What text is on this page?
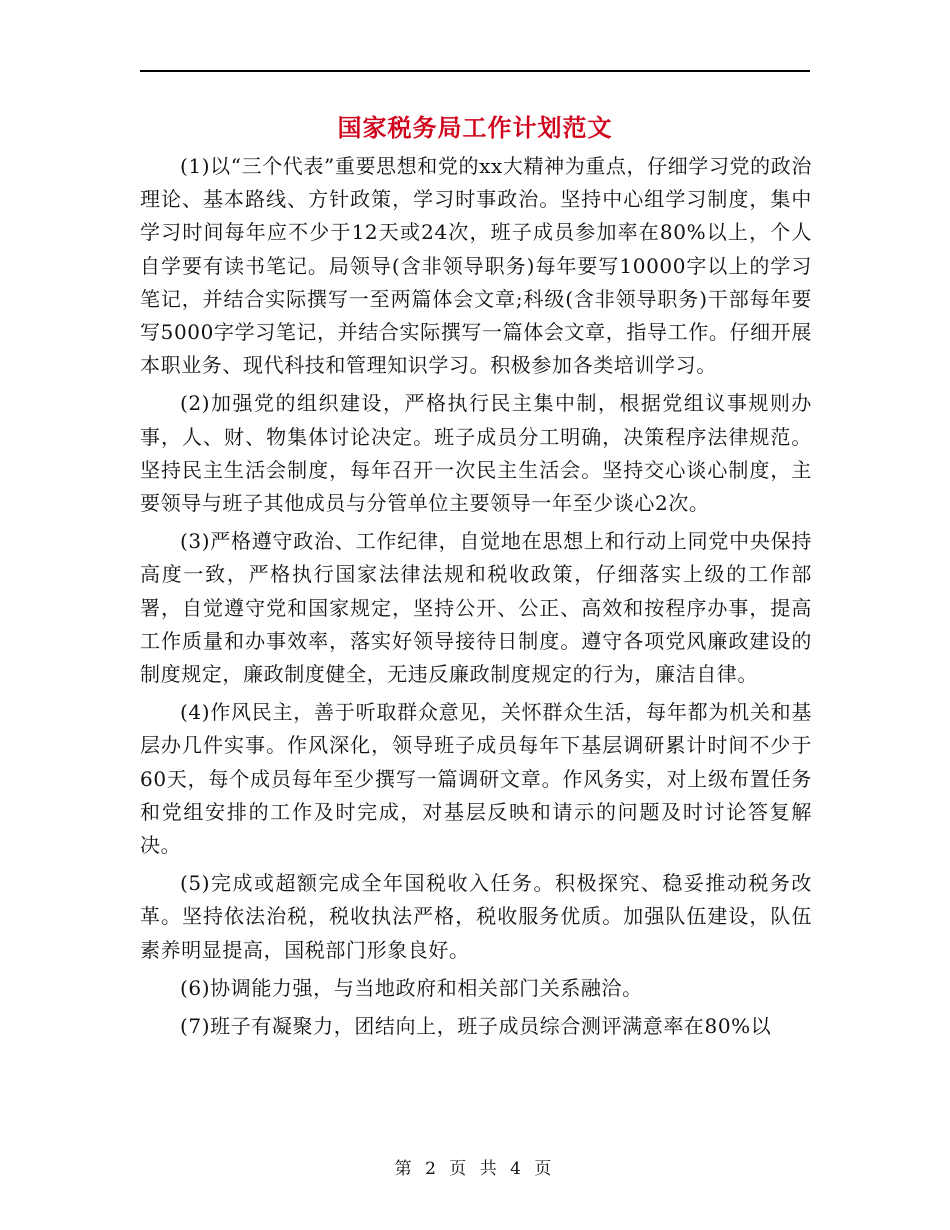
国家税务局工作计划范文

(1)以“三个代表”重要思想和党的xx大精神为重点，仔细学习党的政治理论、基本路线、方针政策，学习时事政治。坚持中心组学习制度，集中学习时间每年应不少于12天或24次，班子成员参加率在80%以上，个人自学要有读书笔记。局领导(含非领导职务)每年要写10000字以上的学习笔记，并结合实际撰写一至两篇体会文章;科级(含非领导职务)干部每年要写5000字学习笔记，并结合实际撰写一篇体会文章，指导工作。仔细开展本职业务、现代科技和管理知识学习。积极参加各类培训学习。

(2)加强党的组织建设，严格执行民主集中制，根据党组议事规则办事，人、财、物集体讨论决定。班子成员分工明确，决策程序法律规范。坚持民主生活会制度，每年召开一次民主生活会。坚持交心谈心制度，主要领导与班子其他成员与分管单位主要领导一年至少谈心2次。

(3)严格遵守政治、工作纪律，自觉地在思想上和行动上同党中央保持高度一致，严格执行国家法律法规和税收政策，仔细落实上级的工作部署，自觉遵守党和国家规定，坚持公开、公正、高效和按程序办事，提高工作质量和办事效率，落实好领导接待日制度。遵守各项党风廉政建设的制度规定，廉政制度健全，无违反廉政制度规定的行为，廉洁自律。

(4)作风民主，善于听取群众意见，关怀群众生活，每年都为机关和基层办几件实事。作风深化，领导班子成员每年下基层调研累计时间不少于60天，每个成员每年至少撰写一篇调研文章。作风务实，对上级布置任务和党组安排的工作及时完成，对基层反映和请示的问题及时讨论答复解决。

(5)完成或超额完成全年国税收入任务。积极探究、稳妥推动税务改革。坚持依法治税，税收执法严格，税收服务优质。加强队伍建设，队伍素养明显提高，国税部门形象良好。

(6)协调能力强，与当地政府和相关部门关系融洽。

(7)班子有凝聚力，团结向上，班子成员综合测评满意率在80%以

第 2 页 共 4 页
